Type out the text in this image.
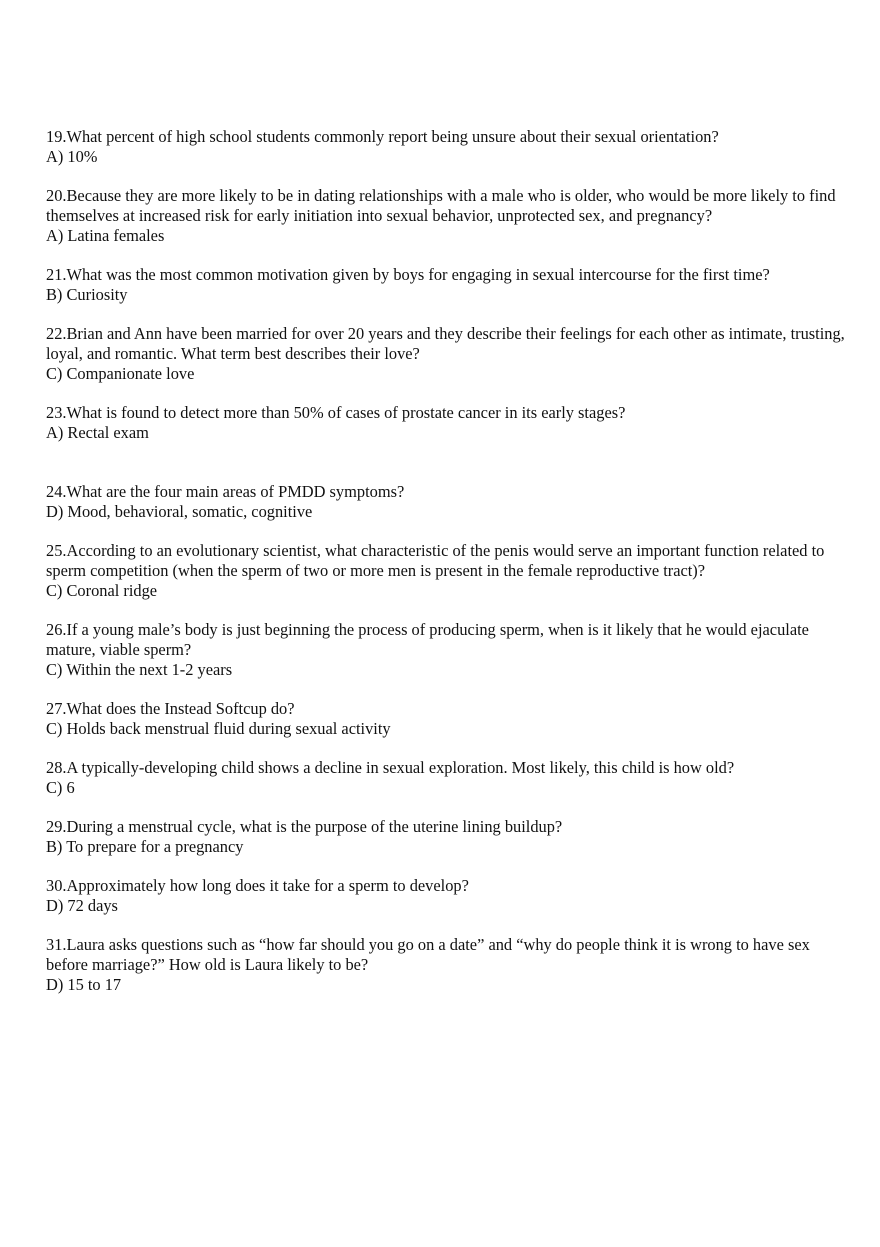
19.What percent of high school students commonly report being unsure about their sexual orientation?
A) 10%
20.Because they are more likely to be in dating relationships with a male who is older, who would be more likely to find themselves at increased risk for early initiation into sexual behavior, unprotected sex, and pregnancy?
A) Latina females
21.What was the most common motivation given by boys for engaging in sexual intercourse for the first time?
B) Curiosity
22.Brian and Ann have been married for over 20 years and they describe their feelings for each other as intimate, trusting, loyal, and romantic. What term best describes their love?
C) Companionate love
23.What is found to detect more than 50% of cases of prostate cancer in its early stages?
A) Rectal exam
24.What are the four main areas of PMDD symptoms?
D) Mood, behavioral, somatic, cognitive
25.According to an evolutionary scientist, what characteristic of the penis would serve an important function related to sperm competition (when the sperm of two or more men is present in the female reproductive tract)?
C) Coronal ridge
26.If a young male’s body is just beginning the process of producing sperm, when is it likely that he would ejaculate mature, viable sperm?
C) Within the next 1-2 years
27.What does the Instead Softcup do?
C) Holds back menstrual fluid during sexual activity
28.A typically-developing child shows a decline in sexual exploration. Most likely, this child is how old?
C) 6
29.During a menstrual cycle, what is the purpose of the uterine lining buildup?
B) To prepare for a pregnancy
30.Approximately how long does it take for a sperm to develop?
D) 72 days
31.Laura asks questions such as “how far should you go on a date” and “why do people think it is wrong to have sex before marriage?” How old is Laura likely to be?
D) 15 to 17
